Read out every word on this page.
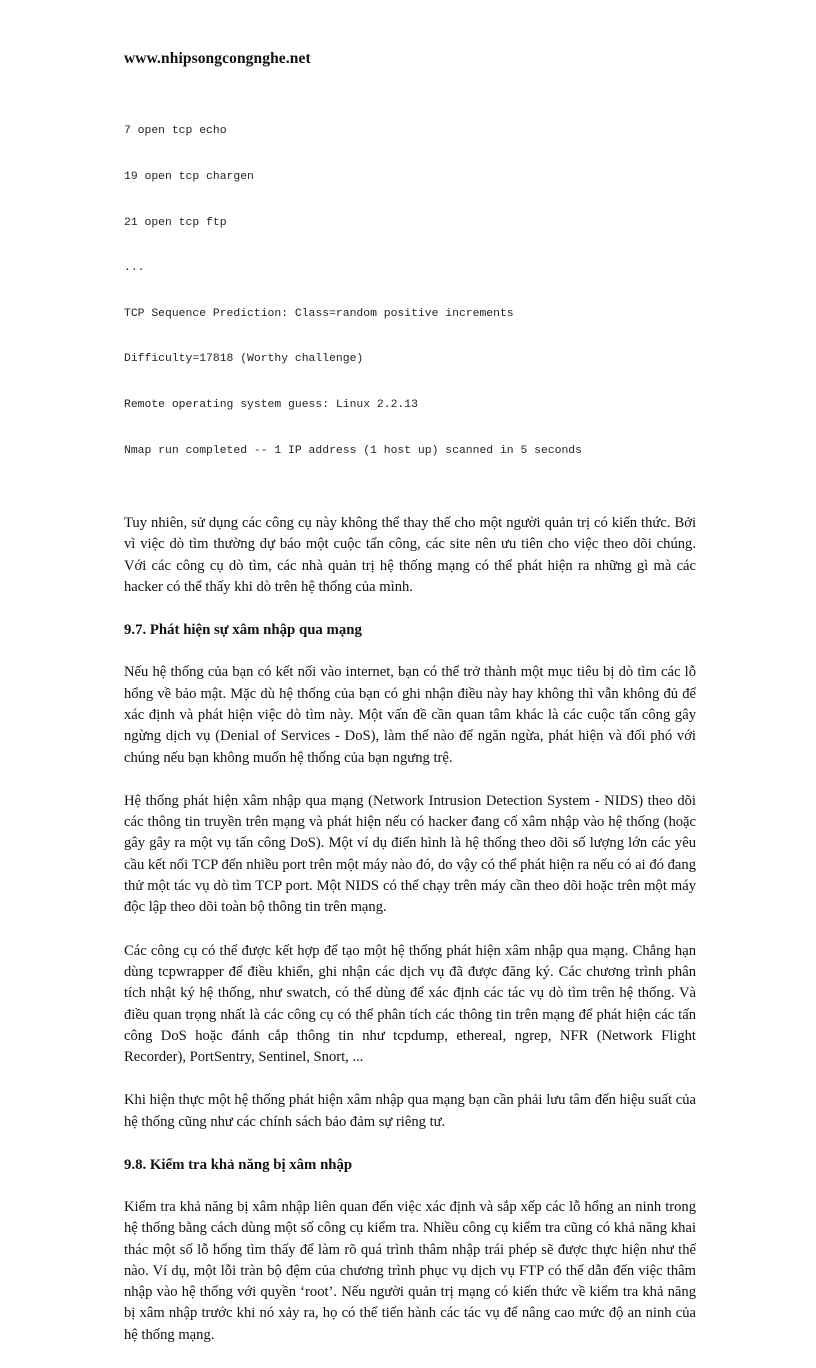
www.nhipsongcongnghe.net

7 open tcp echo

19 open tcp chargen

21 open tcp ftp

...

TCP Sequence Prediction: Class=random positive increments

Difficulty=17818 (Worthy challenge)

Remote operating system guess: Linux 2.2.13

Nmap run completed -- 1 IP address (1 host up) scanned in 5 seconds

Tuy nhiên, sử dụng các công cụ này không thể thay thế cho một người quản trị có kiến thức. Bởi vì việc dò tìm thường dự báo một cuộc tấn công, các site nên ưu tiên cho việc theo dõi chúng. Với các công cụ dò tìm, các nhà quản trị hệ thống mạng có thể phát hiện ra những gì mà các hacker có thể thấy khi dò trên hệ thống của mình.

9.7. Phát hiện sự xâm nhập qua mạng

Nếu hệ thống của bạn có kết nối vào internet, bạn có thể trở thành một mục tiêu bị dò tìm các lỗ hổng về bảo mật. Mặc dù hệ thống của bạn có ghi nhận điều này hay không thì vẫn không đủ để xác định và phát hiện việc dò tìm này. Một vấn đề cần quan tâm khác là các cuộc tấn công gây ngừng dịch vụ (Denial of Services - DoS), làm thế nào để ngăn ngừa, phát hiện và đối phó với chúng nếu bạn không muốn hệ thống của bạn ngưng trệ.

Hệ thống phát hiện xâm nhập qua mạng (Network Intrusion Detection System - NIDS) theo dõi các thông tin truyền trên mạng và phát hiện nếu có hacker đang cố xâm nhập vào hệ thống (hoặc gây gây ra một vụ tấn công DoS). Một ví dụ điển hình là hệ thống theo dõi số lượng lớn các yêu cầu kết nối TCP đến nhiều port trên một máy nào đó, do vậy có thể phát hiện ra nếu có ai đó đang thử một tác vụ dò tìm TCP port. Một NIDS có thể chạy trên máy cần theo dõi hoặc trên một máy độc lập theo dõi toàn bộ thông tin trên mạng.

Các công cụ có thể được kết hợp để tạo một hệ thống phát hiện xâm nhập qua mạng. Chẳng hạn dùng tcpwrapper để điều khiển, ghi nhận các dịch vụ đã được đăng ký. Các chương trình phân tích nhật ký hệ thống, như swatch, có thể dùng để xác định các tác vụ dò tìm trên hệ thống. Và điều quan trọng nhất là các công cụ có thể phân tích các thông tin trên mạng để phát hiện các tấn công DoS hoặc đánh cắp thông tin như tcpdump, ethereal, ngrep, NFR (Network Flight Recorder), PortSentry, Sentinel, Snort, ...

Khi hiện thực một hệ thống phát hiện xâm nhập qua mạng bạn cần phải lưu tâm đến hiệu suất của hệ thống cũng như các chính sách bảo đảm sự riêng tư.

9.8. Kiểm tra khả năng bị xâm nhập

Kiểm tra khả năng bị xâm nhập liên quan đến việc xác định và sắp xếp các lỗ hổng an ninh trong hệ thống bằng cách dùng một số công cụ kiểm tra. Nhiều công cụ kiểm tra cũng có khả năng khai thác một số lỗ hổng tìm thấy để làm rõ quá trình thâm nhập trái phép sẽ được thực hiện như thế nào. Ví dụ, một lỗi tràn bộ đệm của chương trình phục vụ dịch vụ FTP có thể dẫn đến việc thâm nhập vào hệ thống với quyền ‘root’. Nếu người quản trị mạng có kiến thức về kiểm tra khả năng bị xâm nhập trước khi nó xảy ra, họ có thể tiến hành các tác vụ để nâng cao mức độ an ninh của hệ thống mạng.
